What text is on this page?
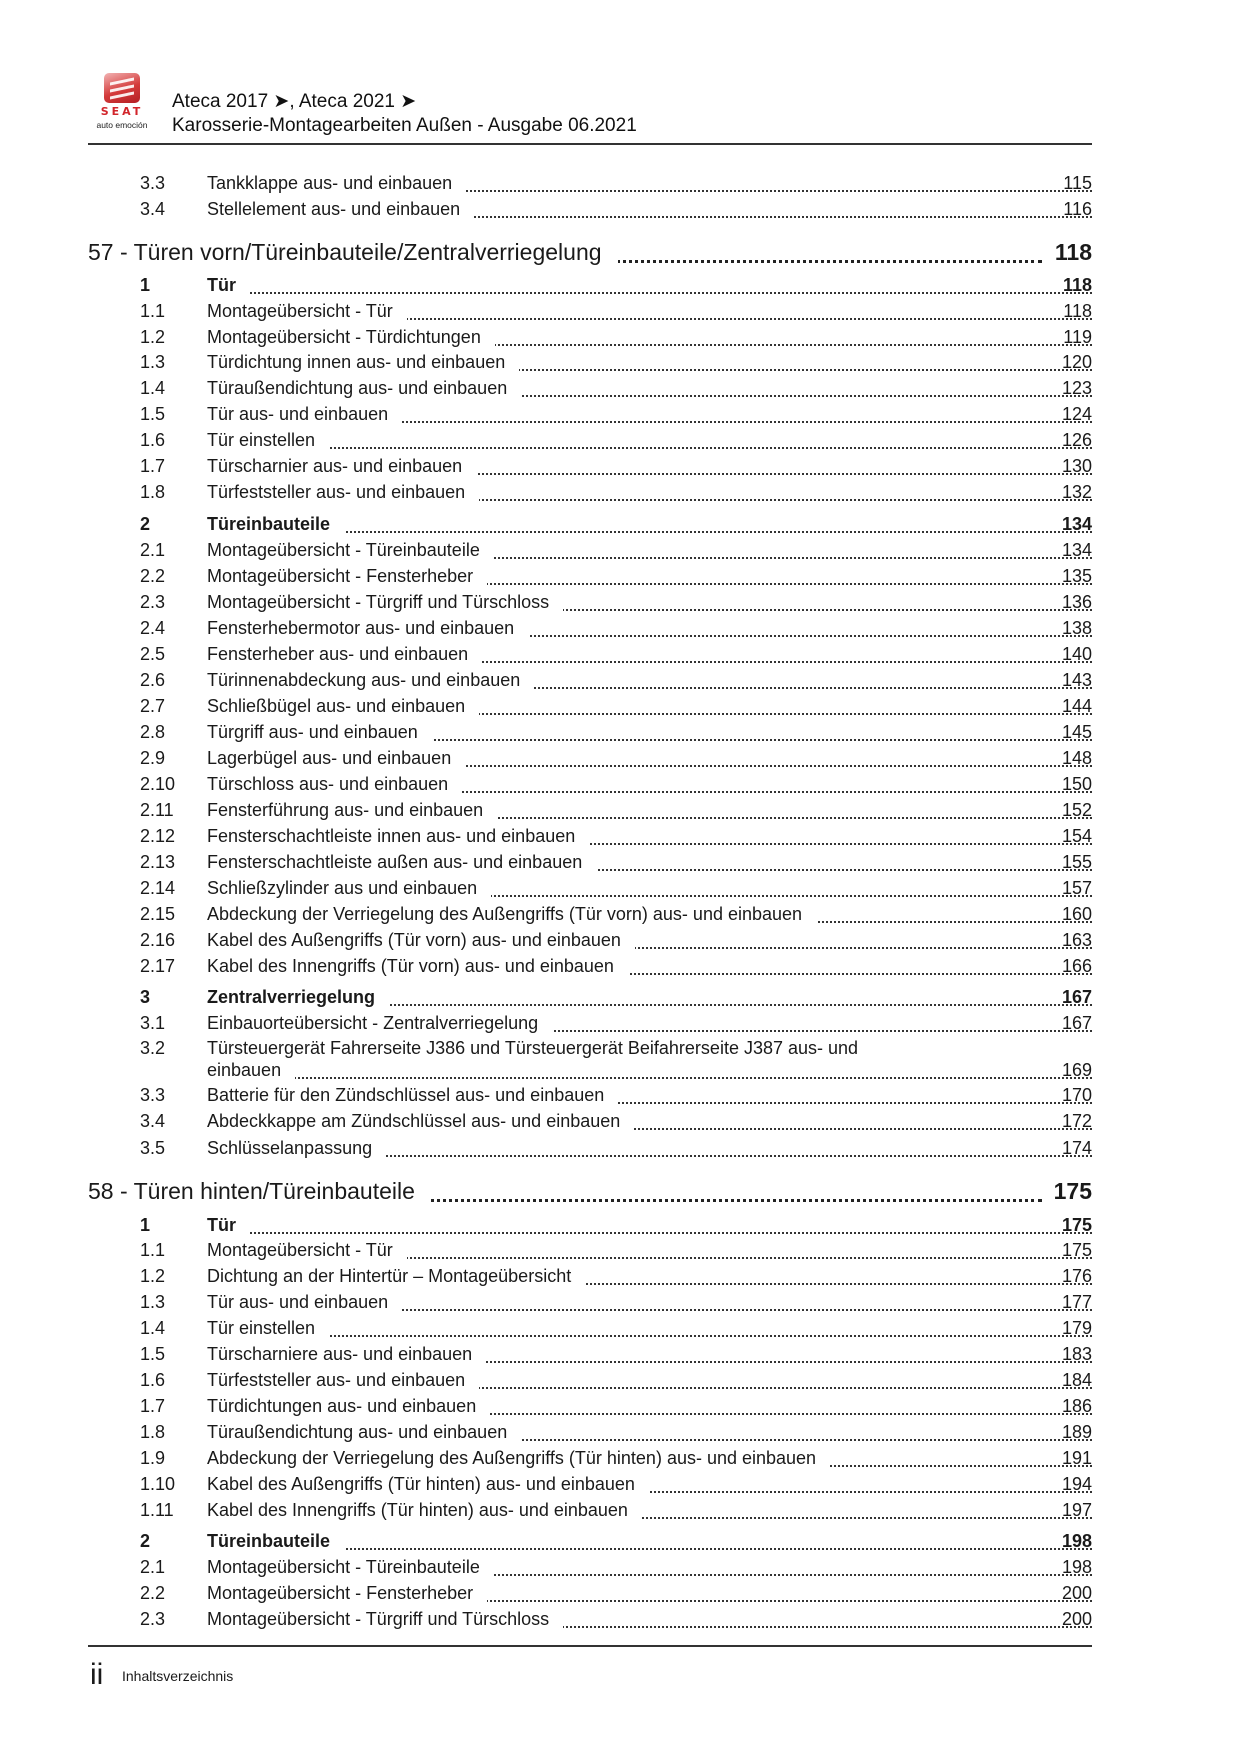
SEAT
auto emoción
Ateca 2017 ➤, Ateca 2021 ➤
Karosserie-Montagearbeiten Außen - Ausgabe 06.2021
3.3 Tankklappe aus- und einbauen	115
3.4 Stellelement aus- und einbauen	116
57 - Türen vorn/Türeinbauteile/Zentralverriegelung	118
1	Tür	118
1.1 Montageübersicht - Tür	118
1.2 Montageübersicht - Türdichtungen	119
1.3 Türdichtung innen aus- und einbauen	120
1.4 Türaußendichtung aus- und einbauen	123
1.5 Tür aus- und einbauen	124
1.6 Tür einstellen	126
1.7 Türscharnier aus- und einbauen	130
1.8 Türfeststeller aus- und einbauen	132
2	Türeinbauteile	134
2.1 Montageübersicht - Türeinbauteile	134
2.2 Montageübersicht - Fensterheber	135
2.3 Montageübersicht - Türgriff und Türschloss	136
2.4 Fensterhebermotor aus- und einbauen	138
2.5 Fensterheber aus- und einbauen	140
2.6 Türinnenabdeckung aus- und einbauen	143
2.7 Schließbügel aus- und einbauen	144
2.8 Türgriff aus- und einbauen	145
2.9 Lagerbügel aus- und einbauen	148
2.10 Türschloss aus- und einbauen	150
2.11 Fensterführung aus- und einbauen	152
2.12 Fensterschachtleiste innen aus- und einbauen	154
2.13 Fensterschachtleiste außen aus- und einbauen	155
2.14 Schließzylinder aus und einbauen	157
2.15 Abdeckung der Verriegelung des Außengriffs (Tür vorn) aus- und einbauen	160
2.16 Kabel des Außengriffs (Tür vorn) aus- und einbauen	163
2.17 Kabel des Innengriffs (Tür vorn) aus- und einbauen	166
3	Zentralverriegelung	167
3.1 Einbauorteübersicht - Zentralverriegelung	167
3.2 Türsteuergerät Fahrerseite J386 und Türsteuergerät Beifahrerseite J387 aus- und
einbauen	169
3.3 Batterie für den Zündschlüssel aus- und einbauen	170
3.4 Abdeckkappe am Zündschlüssel aus- und einbauen	172
3.5 Schlüsselanpassung	174
58 - Türen hinten/Türeinbauteile	175
1	Tür	175
1.1 Montageübersicht - Tür	175
1.2 Dichtung an der Hintertür – Montageübersicht	176
1.3 Tür aus- und einbauen	177
1.4 Tür einstellen	179
1.5 Türscharniere aus- und einbauen	183
1.6 Türfeststeller aus- und einbauen	184
1.7 Türdichtungen aus- und einbauen	186
1.8 Türaußendichtung aus- und einbauen	189
1.9 Abdeckung der Verriegelung des Außengriffs (Tür hinten) aus- und einbauen	191
1.10 Kabel des Außengriffs (Tür hinten) aus- und einbauen	194
1.11 Kabel des Innengriffs (Tür hinten) aus- und einbauen	197
2	Türeinbauteile	198
2.1 Montageübersicht - Türeinbauteile	198
2.2 Montageübersicht - Fensterheber	200
2.3 Montageübersicht - Türgriff und Türschloss	200
ii Inhaltsverzeichnis
